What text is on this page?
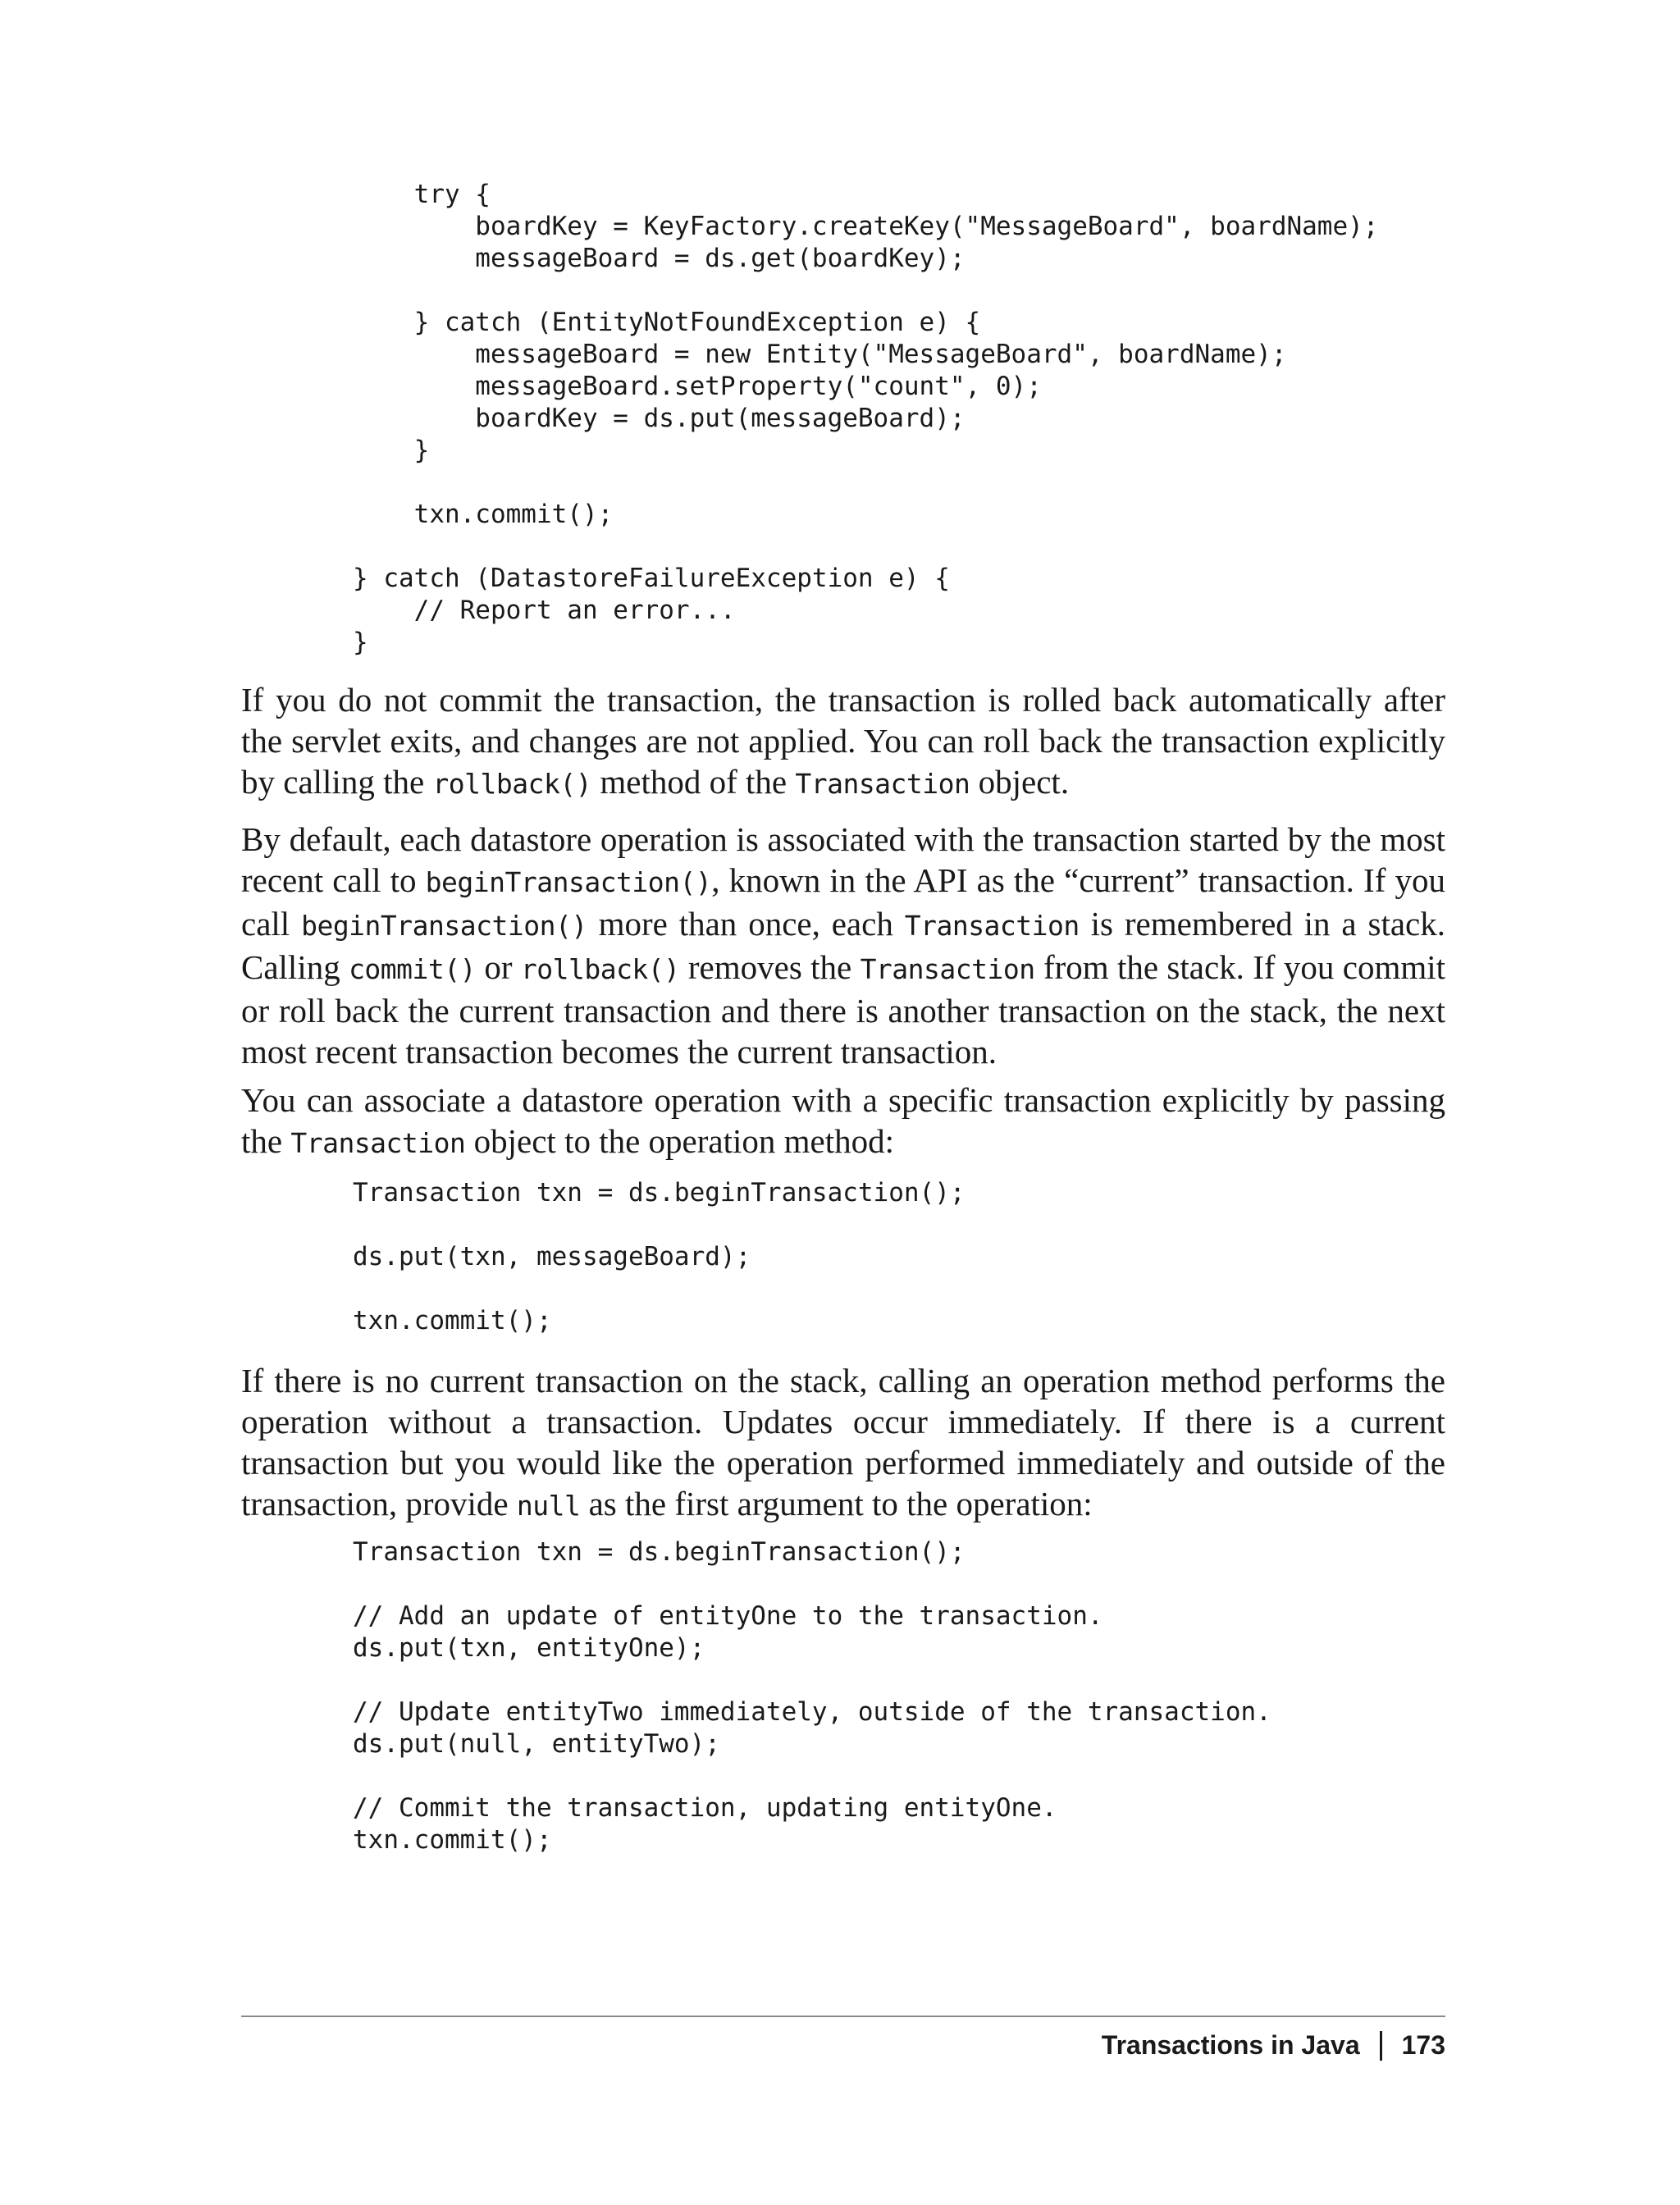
try {
boardKey = KeyFactory.createKey("MessageBoard", boardName);
messageBoard = ds.get(boardKey);
} catch (EntityNotFoundException e) {
messageBoard = new Entity("MessageBoard", boardName);
messageBoard.setProperty("count", 0);
boardKey = ds.put(messageBoard);
}
txn.commit();
} catch (DatastoreFailureException e) {
// Report an error...
}

If you do not commit the transaction, the transaction is rolled back automatically after the servlet exits, and changes are not applied. You can roll back the transaction explicitly by calling the rollback() method of the Transaction object.

By default, each datastore operation is associated with the transaction started by the most recent call to beginTransaction(), known in the API as the “current” transaction. If you call beginTransaction() more than once, each Transaction is remembered in a stack. Calling commit() or rollback() removes the Transaction from the stack. If you commit or roll back the current transaction and there is another transaction on the stack, the next most recent transaction becomes the current transaction.

You can associate a datastore operation with a specific transaction explicitly by passing the Transaction object to the operation method:

Transaction txn = ds.beginTransaction();
ds.put(txn, messageBoard);
txn.commit();

If there is no current transaction on the stack, calling an operation method performs the operation without a transaction. Updates occur immediately. If there is a current transaction but you would like the operation performed immediately and outside of the transaction, provide null as the first argument to the operation:

Transaction txn = ds.beginTransaction();
// Add an update of entityOne to the transaction.
ds.put(txn, entityOne);
// Update entityTwo immediately, outside of the transaction.
ds.put(null, entityTwo);
// Commit the transaction, updating entityOne.
txn.commit();
Transactions in Java 173
